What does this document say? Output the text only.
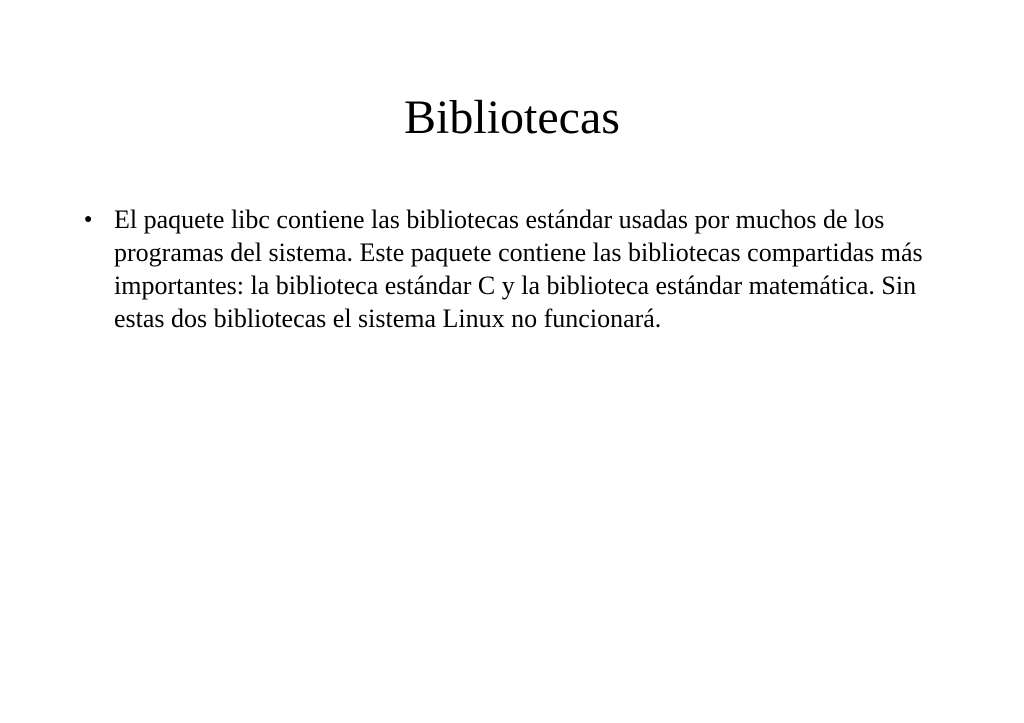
Bibliotecas
● El paquete libc contiene las bibliotecas estándar usadas por muchos de los programas del sistema. Este paquete contiene las bibliotecas compartidas más importantes: la biblioteca estándar C y la biblioteca estándar matemática. Sin estas dos bibliotecas el sistema Linux no funcionará.
